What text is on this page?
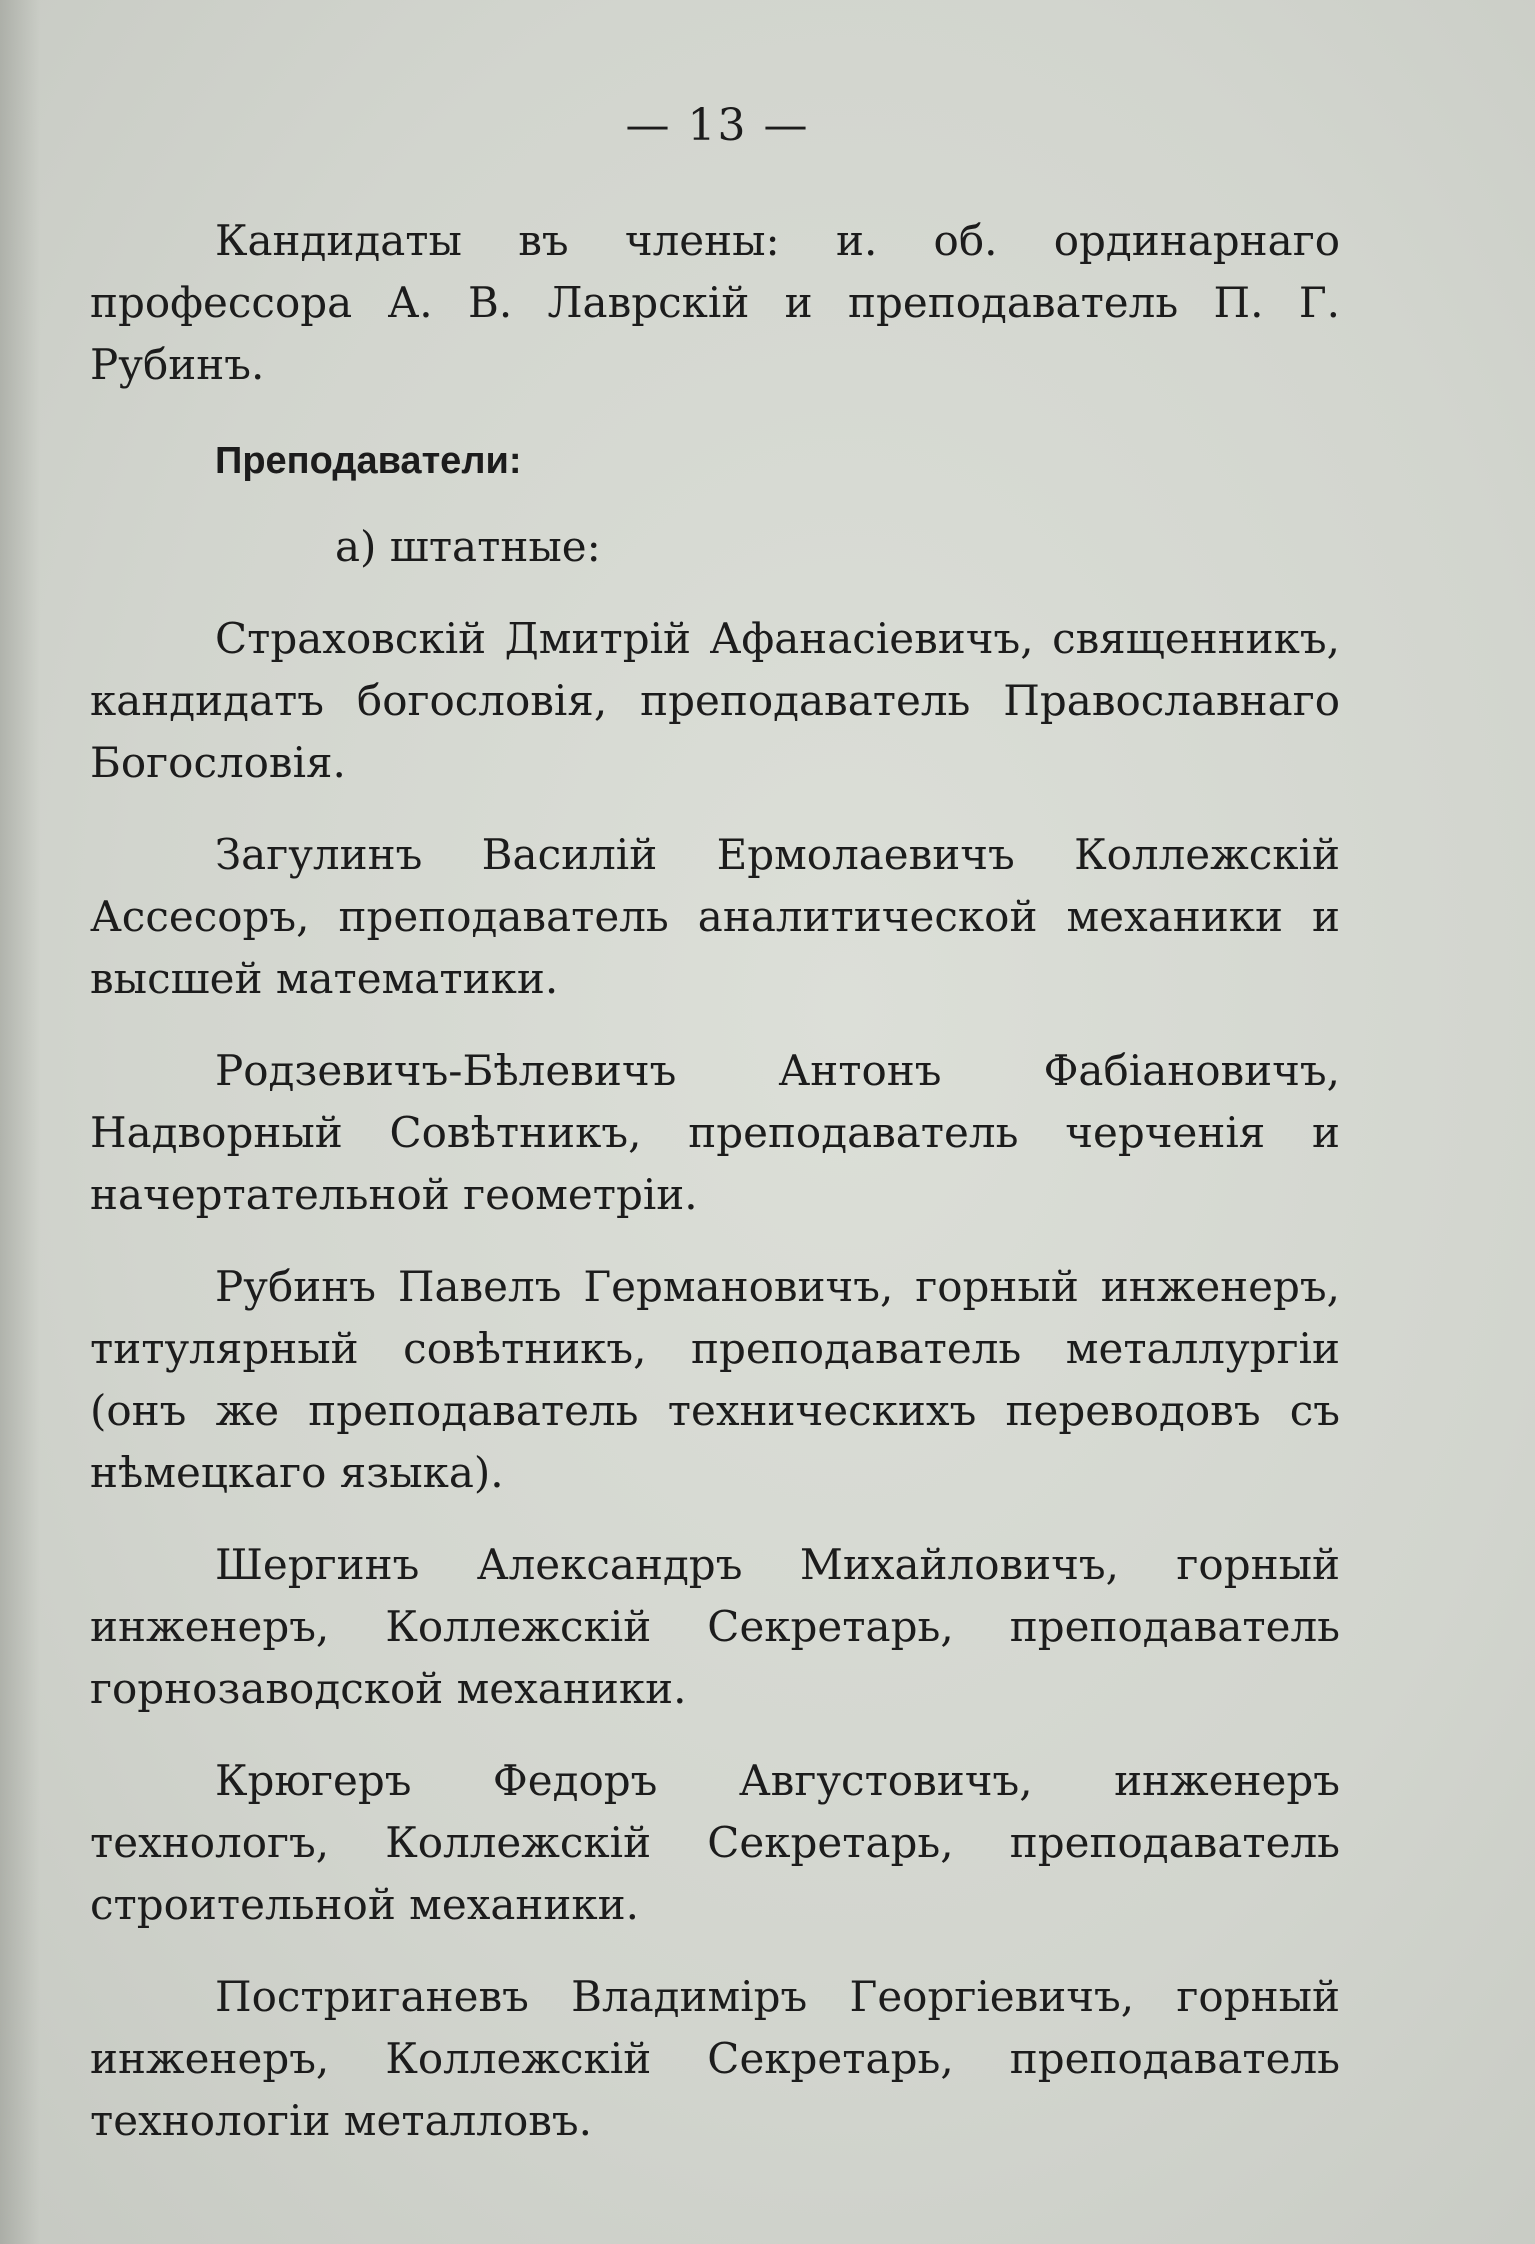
— 13 —

Кандидаты въ члены: и. об. ординарнаго профессора А. В. Лаврскій и преподаватель П. Г. Рубинъ.

Преподаватели:
а) штатные:

Страховскій Дмитрій Афанасіевичъ, священникъ, кандидатъ богословія, преподаватель Православнаго Богословія.

Загулинъ Василій Ермолаевичъ Коллежскій Ассесоръ, преподаватель аналитической механики и высшей математики.

Родзевичъ-Бѣлевичъ Антонъ Фабіановичъ, Надворный Совѣтникъ, преподаватель черченія и начертательной геометріи.

Рубинъ Павелъ Германовичъ, горный инженеръ, титулярный совѣтникъ, преподаватель металлургіи (онъ же преподаватель техническихъ переводовъ съ нѣмецкаго языка).

Шергинъ Александръ Михайловичъ, горный инженеръ, Коллежскій Секретарь, преподаватель горнозаводской механики.

Крюгеръ Федоръ Августовичъ, инженеръ технологъ, Коллежскій Секретарь, преподаватель строительной механики.

Постриганевъ Владиміръ Георгіевичъ, горный инженеръ, Коллежскій Секретарь, преподаватель технологіи металловъ.
